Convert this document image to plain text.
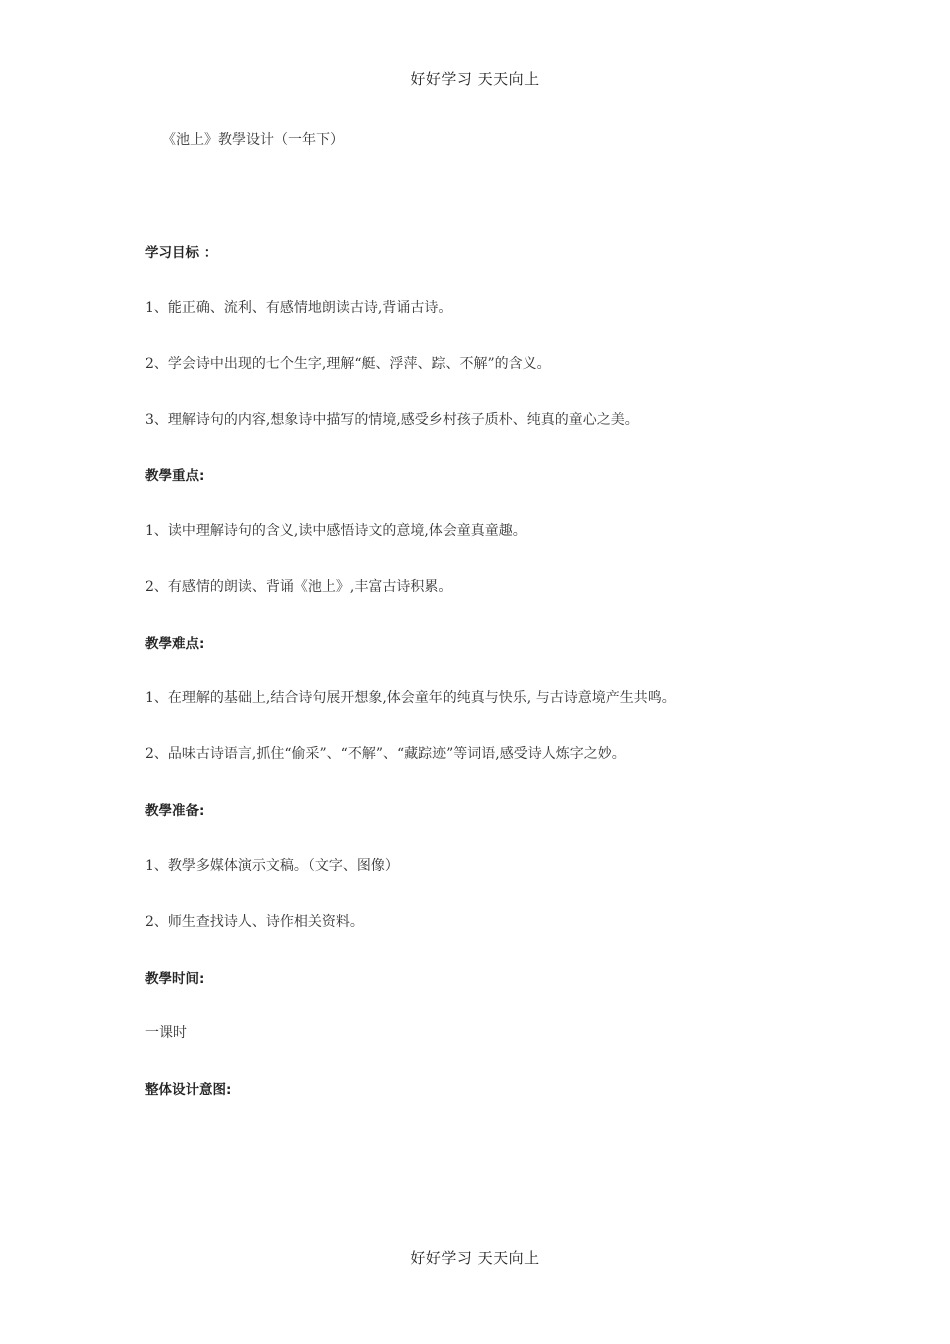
好好学习 天天向上
《池上》教學设计（一年下）
学习目标 ：
1、能正确、流利、有感情地朗读古诗,背诵古诗。
2、学会诗中出现的七个生字,理解“艇、浮萍、踪、不解”的含义。
3、理解诗句的内容,想象诗中描写的情境,感受乡村孩子质朴、纯真的童心之美。
教學重点:
1、读中理解诗句的含义,读中感悟诗文的意境,体会童真童趣。
2、有感情的朗读、背诵《池上》,丰富古诗积累。
教學难点:
1、在理解的基础上,结合诗句展开想象,体会童年的纯真与快乐, 与古诗意境产生共鸣。
2、品味古诗语言,抓住“偷采”、“不解”、“藏踪迹”等词语,感受诗人炼字之妙。
教學准备:
1、教學多媒体演示文稿。（文字、图像）
2、师生查找诗人、诗作相关资料。
教學时间:
一课时
整体设计意图:
好好学习 天天向上
